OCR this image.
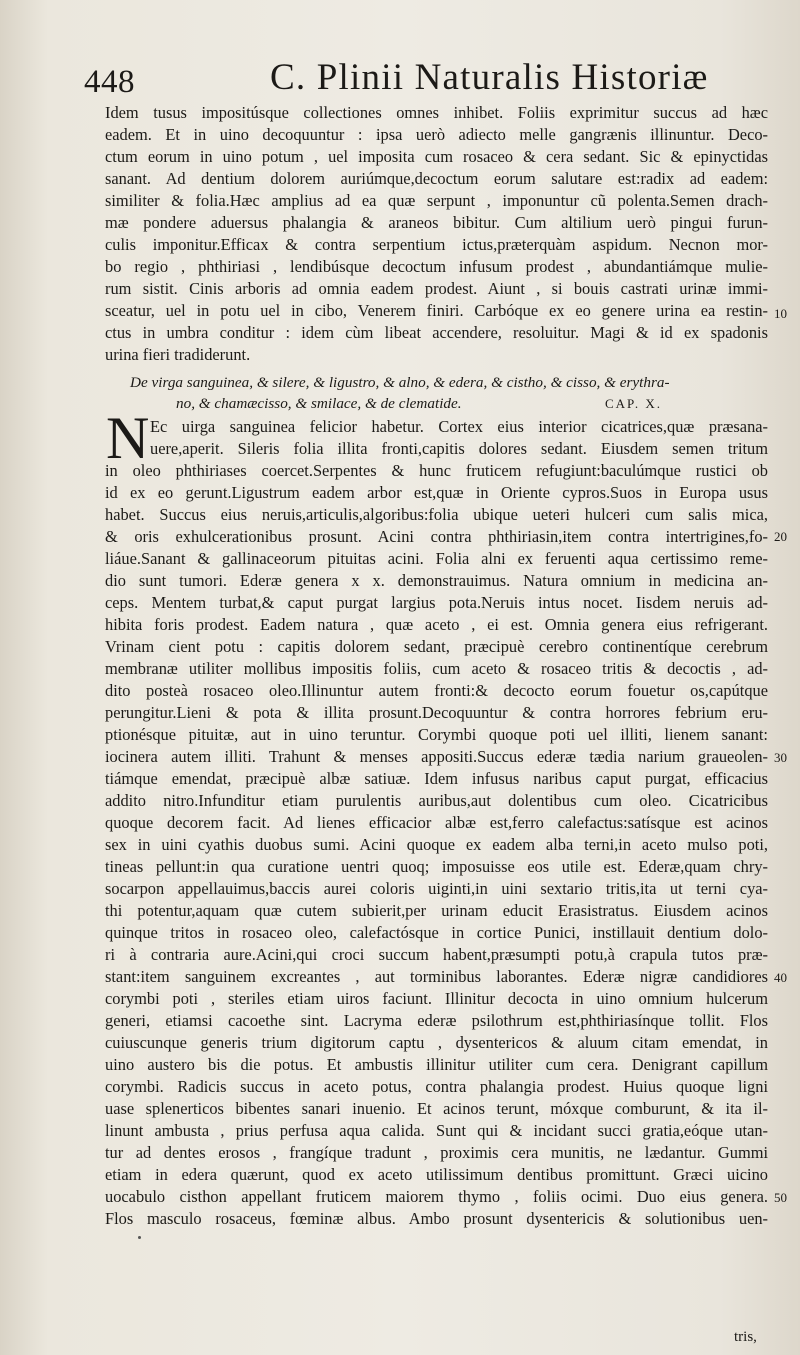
448	C. Plinii Naturalis Historiæ
Idem tusus impositúsque collectiones omnes inhibet. Foliis exprimitur succus ad hæc
eadem. Et in uino decoquuntur : ipsa uerò adiecto melle gangrænis illinuntur. Deco-
ctum eorum in uino potum , uel imposita cum rosaceo & cera sedant. Sic & epinyctidas
sanant. Ad dentium dolorem auriúmque,decoctum eorum salutare est:radix ad eadem:
similiter & folia.Hæc amplius ad ea quæ serpunt , imponuntur cũ polenta.Semen drach-
mæ pondere aduersus phalangia & araneos bibitur. Cum altilium uerò pingui furun-
culis imponitur.Efficax & contra serpentium ictus,præterquàm aspidum. Necnon mor-
bo regio , phthiriasi , lendibúsque decoctum infusum prodest , abundantiámque mulie-
rum sistit. Cinis arboris ad omnia eadem prodest. Aiunt , si bouis castrati urinæ immi-
sceatur, uel in potu uel in cibo, Venerem finiri. Carbóque ex eo genere urina ea restin-
ctus in umbra conditur : idem cùm libeat accendere, resoluitur. Magi & id ex spadonis
urina fieri tradiderunt.
De virga sanguinea, & silere, & ligustro, & alno, & edera, & cistho, & cisso, & erythra-
no, & chamæcisso, & smilace, & de clematide.	CAP. X.
N Ec uirga sanguinea felicior habetur. Cortex eius interior cicatrices,quæ præsana-
uere,aperit. Sileris folia illita fronti,capitis dolores sedant. Eiusdem semen tritum
in oleo phthiriases coercet.Serpentes & hunc fruticem refugiunt:baculúmque rustici ob
id ex eo gerunt.Ligustrum eadem arbor est,quæ in Oriente cypros.Suos in Europa usus
habet. Succus eius neruis,articulis,algoribus:folia ubique ueteri hulceri cum salis mica,
& oris exhulcerationibus prosunt. Acini contra phthiriasin,item contra intertrigines,fo-
liáue.Sanant & gallinaceorum pituitas acini. Folia alni ex feruenti aqua certissimo reme-
dio sunt tumori. Ederæ genera x x. demonstrauimus. Natura omnium in medicina an-
ceps. Mentem turbat,& caput purgat largius pota.Neruis intus nocet. Iisdem neruis ad-
hibita foris prodest. Eadem natura , quæ aceto , ei est. Omnia genera eius refrigerant.
Vrinam cient potu : capitis dolorem sedant, præcipuè cerebro continentíque cerebrum
membranæ utiliter mollibus impositis foliis, cum aceto & rosaceo tritis & decoctis , ad-
dito posteà rosaceo oleo.Illinuntur autem fronti:& decocto eorum fouetur os,capútque
perungitur.Lieni & pota & illita prosunt.Decoquuntur & contra horrores febrium eru-
ptionésque pituitæ, aut in uino teruntur. Corymbi quoque poti uel illiti, lienem sanant:
iocinera autem illiti. Trahunt & menses appositi.Succus ederæ tædia narium graueolen-
tiámque emendat, præcipuè albæ satiuæ. Idem infusus naribus caput purgat, efficacius
addito nitro.Infunditur etiam purulentis auribus,aut dolentibus cum oleo. Cicatricibus
quoque decorem facit. Ad lienes efficacior albæ est,ferro calefactus:satísque est acinos
sex in uini cyathis duobus sumi. Acini quoque ex eadem alba terni,in aceto mulso poti,
tineas pellunt:in qua curatione uentri quoq; imposuisse eos utile est. Ederæ,quam chry-
socarpon appellauimus,baccis aurei coloris uiginti,in uini sextario tritis,ita ut terni cya-
thi potentur,aquam quæ cutem subierit,per urinam educit Erasistratus. Eiusdem acinos
quinque tritos in rosaceo oleo, calefactósque in cortice Punici, instillauit dentium dolo-
ri à contraria aure.Acini,qui croci succum habent,præsumpti potu,à crapula tutos præ-
stant:item sanguinem excreantes , aut torminibus laborantes. Ederæ nigræ candidiores
corymbi poti , steriles etiam uiros faciunt. Illinitur decocta in uino omnium hulcerum
generi, etiamsi cacoethe sint. Lacryma ederæ psilothrum est,phthiriasínque tollit. Flos
cuiuscunque generis trium digitorum captu , dysentericos & aluum citam emendat, in
uino austero bis die potus. Et ambustis illinitur utiliter cum cera. Denigrant capillum
corymbi. Radicis succus in aceto potus, contra phalangia prodest. Huius quoque ligni
uase splenerticos bibentes sanari inuenio. Et acinos terunt, móxque comburunt, & ita il-
linunt ambusta , prius perfusa aqua calida. Sunt qui & incidant succi gratia,eóque utan-
tur ad dentes erosos , frangíque tradunt , proximis cera munitis, ne lædantur. Gummi
etiam in edera quærunt, quod ex aceto utilissimum dentibus promittunt. Græci uicino
uocabulo cisthon appellant fruticem maiorem thymo , foliis ocimi. Duo eius genera.
Flos masculo rosaceus, fœminæ albus. Ambo prosunt dysentericis & solutionibus uen-
tris,
10
20
30
40
50
